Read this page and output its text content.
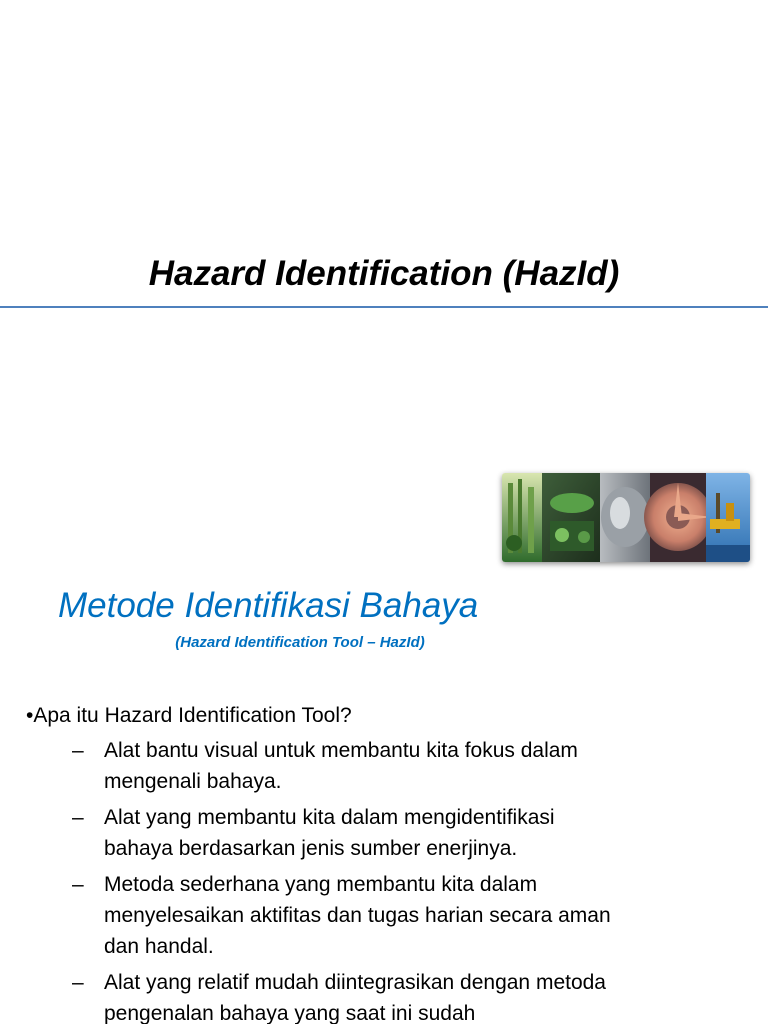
Hazard Identification (HazId)
Metode Identifikasi Bahaya
(Hazard Identification Tool – HazId)
•Apa itu Hazard Identification Tool?
– Alat bantu visual untuk membantu kita fokus dalam mengenali bahaya.
– Alat yang membantu kita dalam mengidentifikasi bahaya berdasarkan jenis sumber enerjinya.
– Metoda sederhana yang membantu kita dalam menyelesaikan aktifitas dan tugas harian secara aman dan handal.
– Alat yang relatif mudah diintegrasikan dengan metoda pengenalan bahaya yang saat ini sudah
